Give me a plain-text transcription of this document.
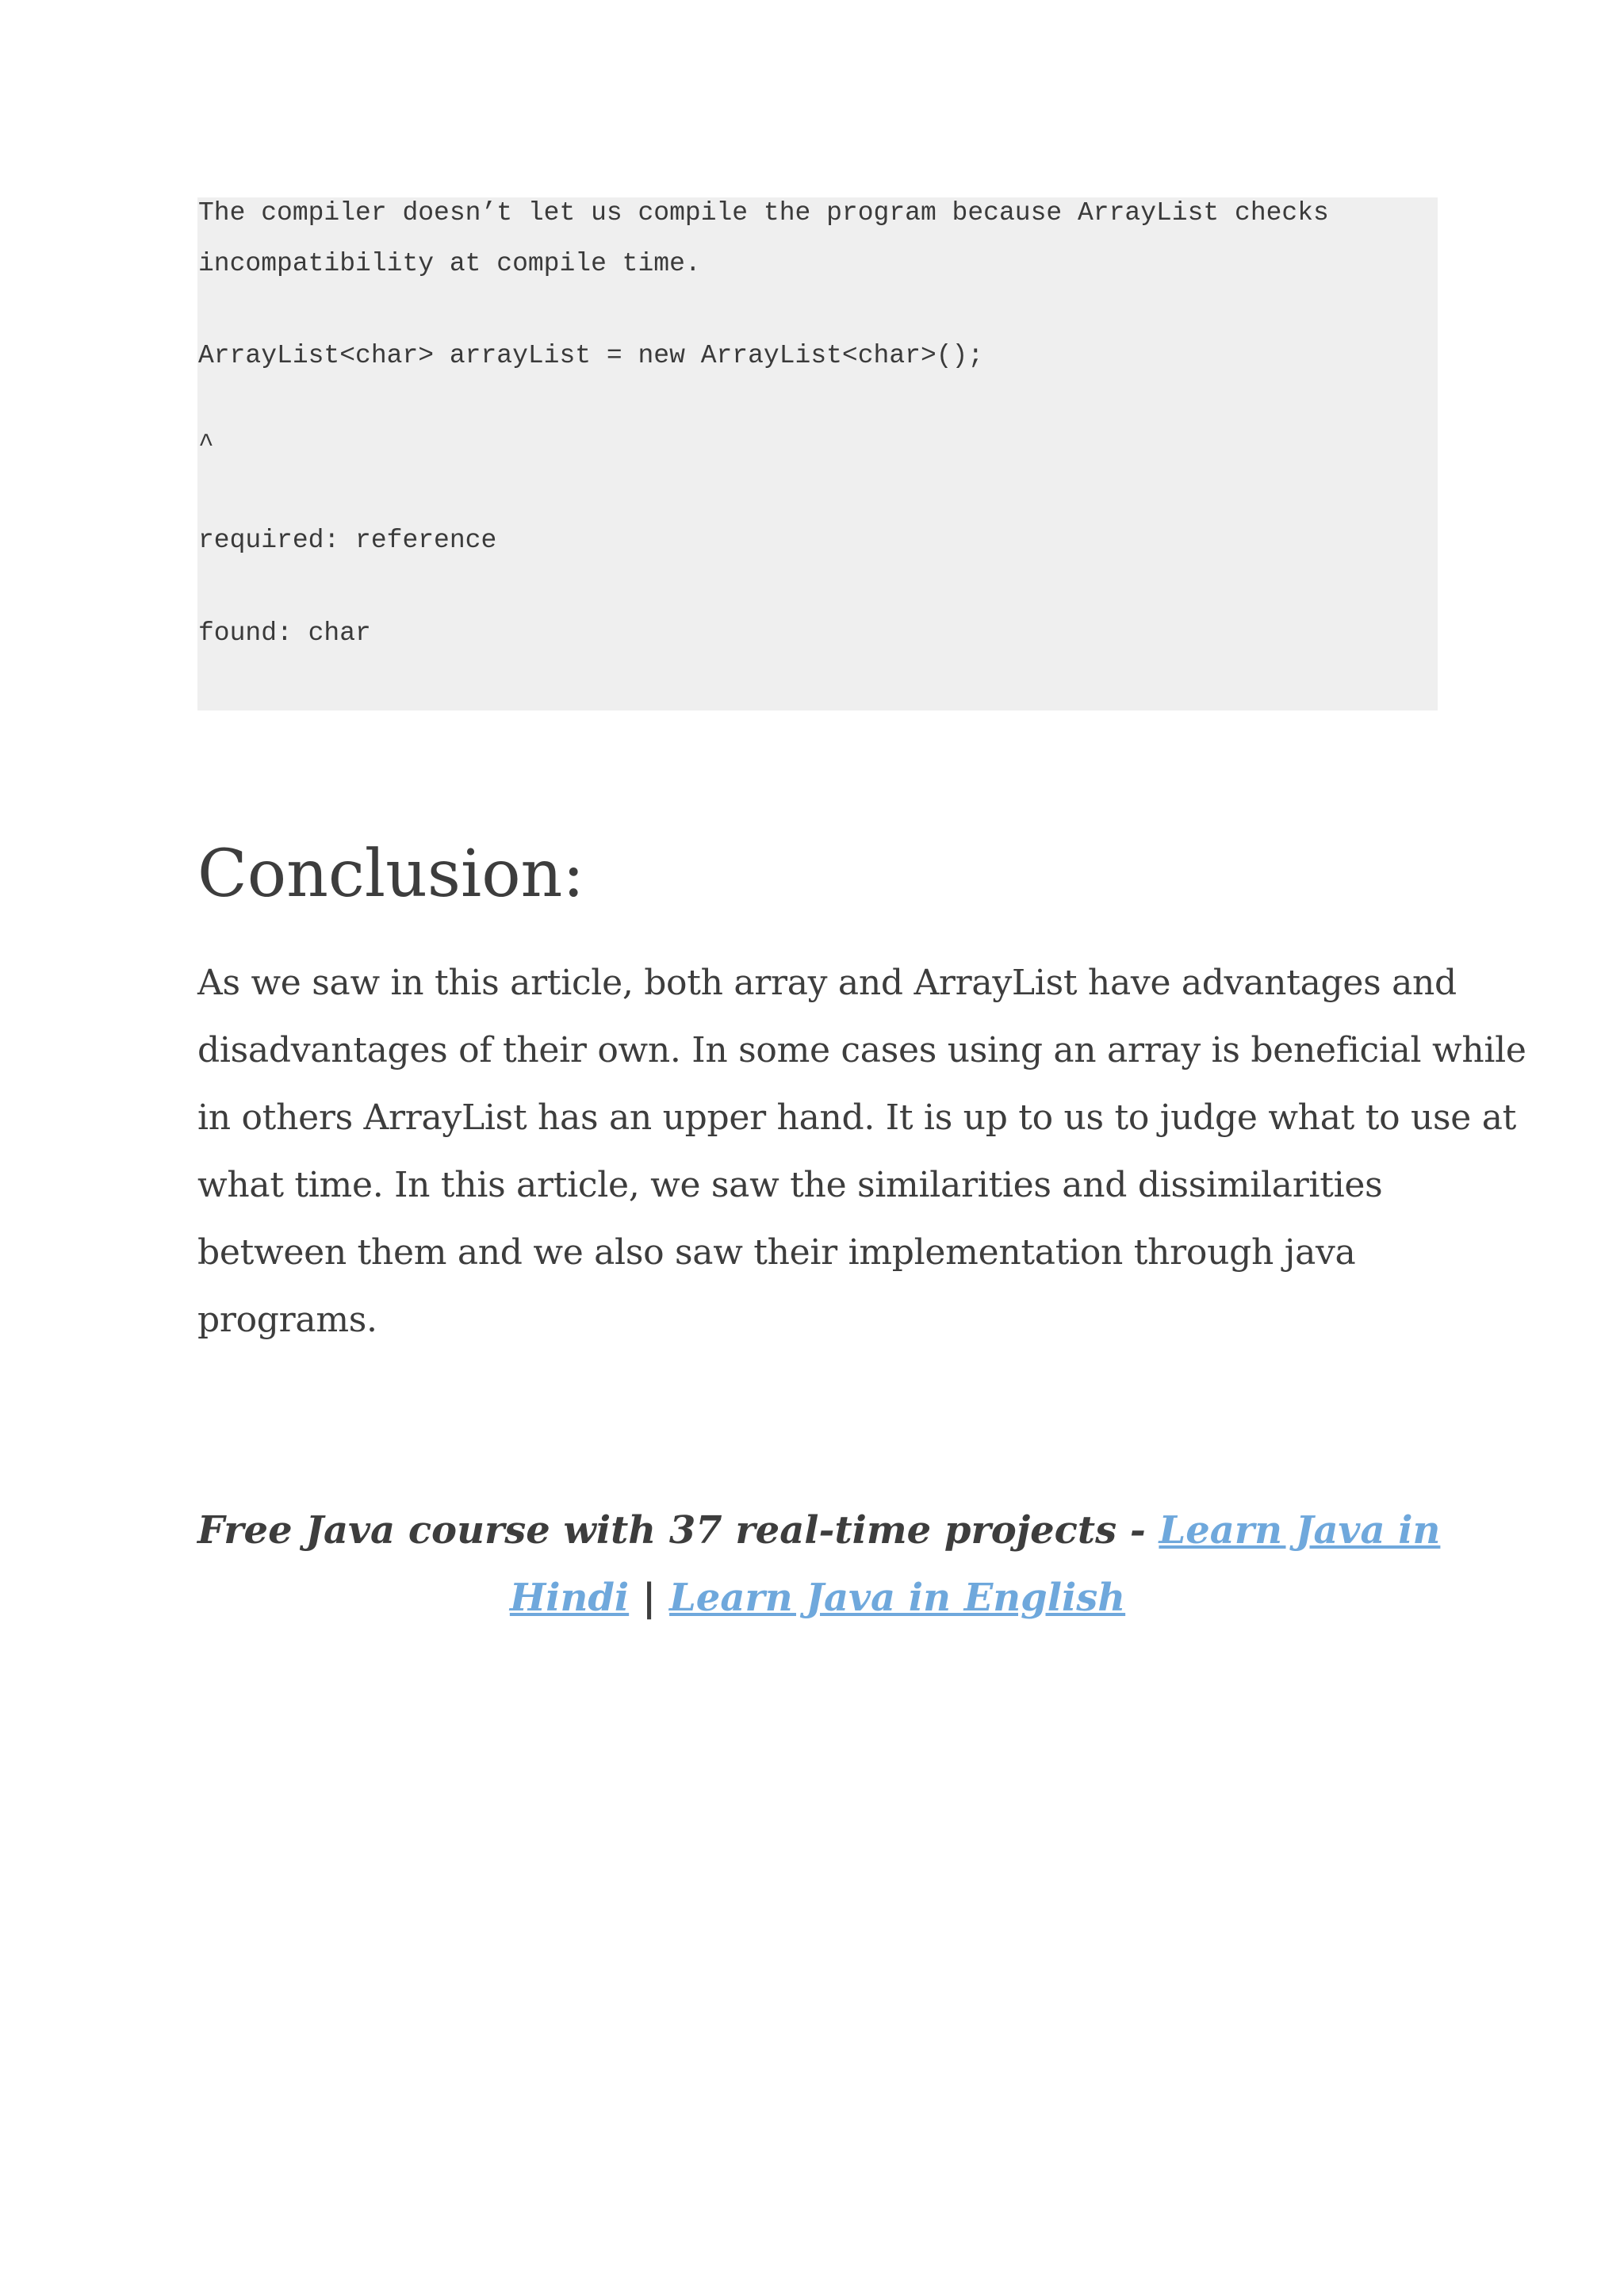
The compiler doesn’t let us compile the program because ArrayList checks
incompatibility at compile time.
ArrayList<char> arrayList = new ArrayList<char>();
^
required: reference
found: char
Conclusion:

As we saw in this article, both array and ArrayList have advantages and
disadvantages of their own. In some cases using an array is beneficial while
in others ArrayList has an upper hand. It is up to us to judge what to use at
what time. In this article, we saw the similarities and dissimilarities
between them and we also saw their implementation through java
programs.

Free Java course with 37 real-time projects - Learn Java in
Hindi | Learn Java in English
